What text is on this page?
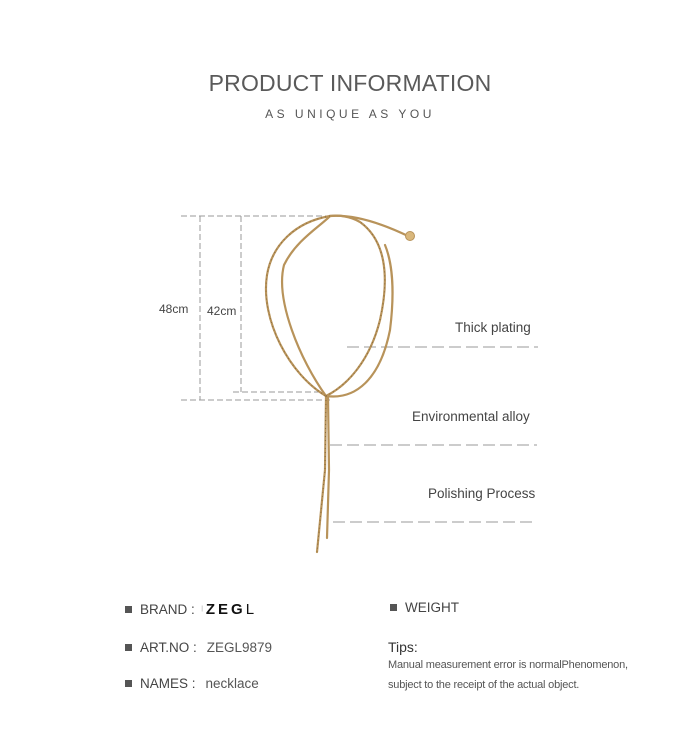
PRODUCT INFORMATION
AS UNIQUE AS YOU
48cm 42cm
Thick plating
Environmental alloy
Polishing Process
BRAND : │ ZEG L
ART.NO : ZEGL9879
NAMES : necklace
WEIGHT
Tips:
Manual measurement error is normalPhenomenon,
subject to the receipt of the actual object.
